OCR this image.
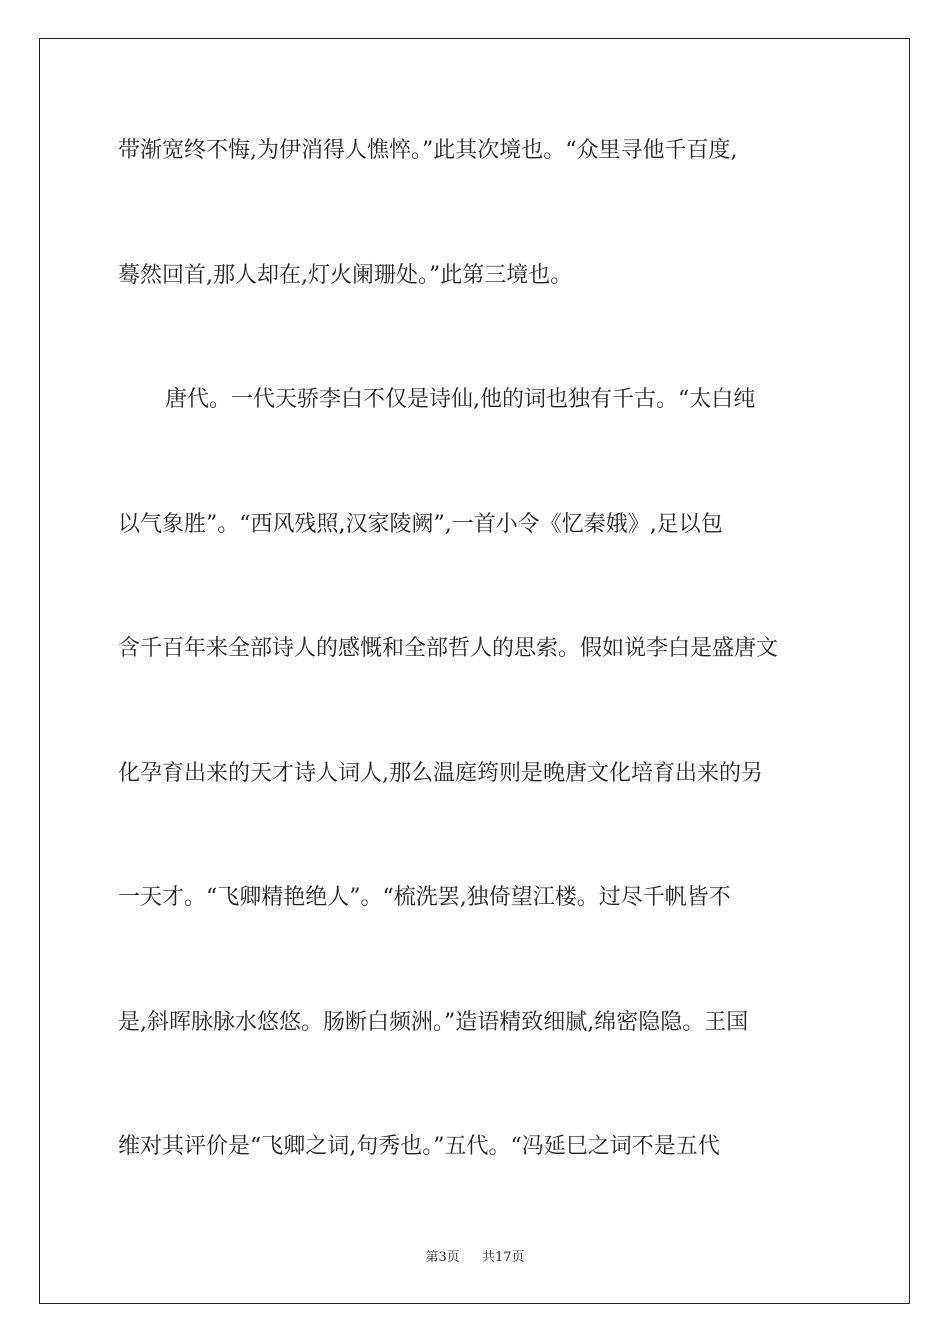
带渐宽终不悔,为伊消得人憔悴。”此其次境也。“众里寻他千百度,
蓦然回首,那人却在,灯火阑珊处。”此第三境也。
唐代。一代天骄李白不仅是诗仙,他的词也独有千古。“太白纯
以气象胜”。“西风残照,汉家陵阙”,一首小令《忆秦娥》,足以包
含千百年来全部诗人的感慨和全部哲人的思索。假如说李白是盛唐文
化孕育出来的天才诗人词人,那么温庭筠则是晚唐文化培育出来的另
一天才。“飞卿精艳绝人”。“梳洗罢,独倚望江楼。过尽千帆皆不
是,斜晖脉脉水悠悠。肠断白频洲。”造语精致细腻,绵密隐隐。王国
维对其评价是“飞卿之词,句秀也。”五代。“冯延巳之词不是五代
第3页 共17页
